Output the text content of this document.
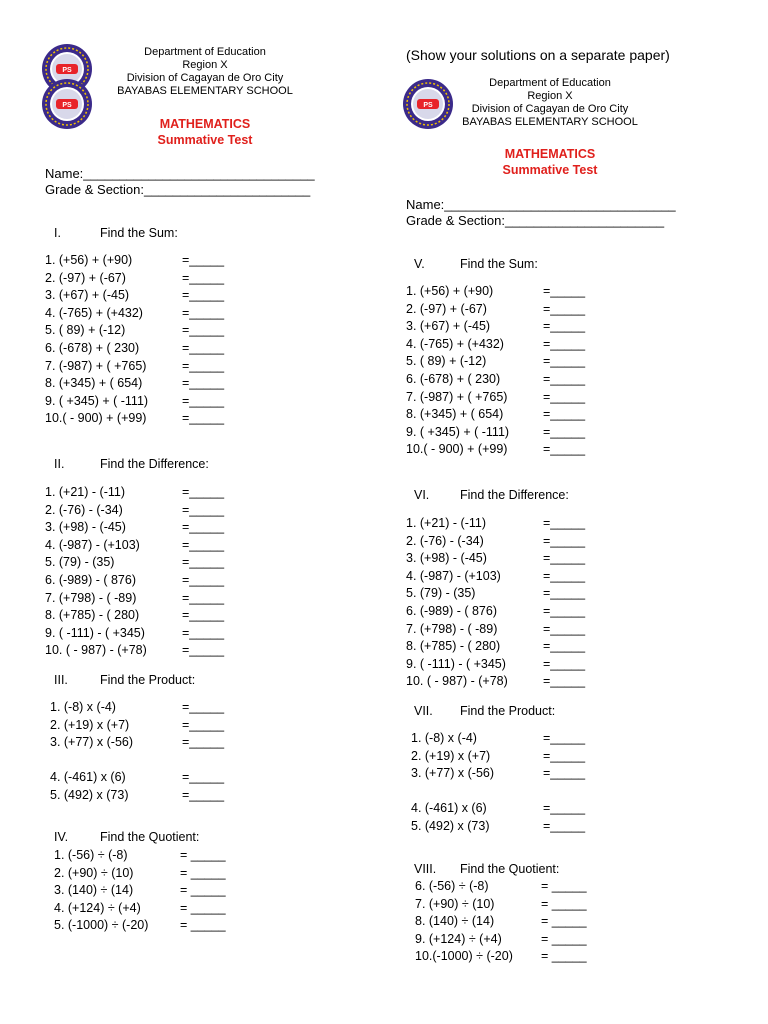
Department of Education
Region X
Division of Cagayan de Oro City
BAYABAS ELEMENTARY SCHOOL
MATHEMATICS
Summative Test
Name:________________________________
Grade & Section:_______________________
I.	Find the Sum:
1. (+56) + (+90)	=_____
2. (-97) + (-67)	=_____
3. (+67) + (-45)	=_____
4. (-765) + (+432)	=_____
5. ( 89) + (-12)	=_____
6. (-678) + ( 230)	=_____
7. (-987) + ( +765)	=_____
8. (+345) + ( 654)	=_____
9. ( +345) + ( -111)	=_____
10.( - 900) + (+99)	=_____
II.	Find the Difference:
1. (+21) - (-11)	=_____
2. (-76) - (-34)	=_____
3. (+98) - (-45)	=_____
4. (-987) - (+103)	=_____
5. (79) - (35)	=_____
6. (-989) - ( 876)	=_____
7. (+798) - ( -89)	=_____
8. (+785) - ( 280)	=_____
9. ( -111) - ( +345)	=_____
10. ( - 987) - (+78)	=_____
III.	Find the Product:
1. (-8) x (-4)	=_____
2. (+19) x (+7)	=_____
3. (+77) x (-56)	=_____
4. (-461) x (6)	=_____
5. (492) x (73)	=_____
IV.	Find the Quotient:
1. (-56) ÷ (-8)	= _____
2. (+90) ÷ (10)	= _____
3. (140) ÷ (14)	= _____
4. (+124) ÷ (+4)	= _____
5. (-1000) ÷ (-20)	= _____
(Show your solutions on a separate paper)
Department of Education
Region X
Division of Cagayan de Oro City
BAYABAS ELEMENTARY SCHOOL
MATHEMATICS
Summative Test
Name:________________________________
Grade & Section:______________________
V.	Find the Sum:
1. (+56) + (+90)	=_____
2. (-97) + (-67)	=_____
3. (+67) + (-45)	=_____
4. (-765) + (+432)	=_____
5. ( 89) + (-12)	=_____
6. (-678) + ( 230)	=_____
7. (-987) + ( +765)	=_____
8. (+345) + ( 654)	=_____
9. ( +345) + ( -111)	=_____
10.( - 900) + (+99)	=_____
VI. Find the Difference:
1. (+21) - (-11)	=_____
2. (-76) - (-34)	=_____
3. (+98) - (-45)	=_____
4. (-987) - (+103)	=_____
5. (79) - (35)	=_____
6. (-989) - ( 876)	=_____
7. (+798) - ( -89)	=_____
8. (+785) - ( 280)	=_____
9. ( -111) - ( +345)	=_____
10. ( - 987) - (+78)	=_____
VII. Find the Product:
1. (-8) x (-4)	=_____
2. (+19) x (+7)	=_____
3. (+77) x (-56)	=_____
4. (-461) x (6)	=_____
5. (492) x (73)	=_____
VIII. Find the Quotient:
6. (-56) ÷ (-8)	= _____
7. (+90) ÷ (10)	= _____
8. (140) ÷ (14)	= _____
9. (+124) ÷ (+4)	= _____
10.(-1000) ÷ (-20) = _____
